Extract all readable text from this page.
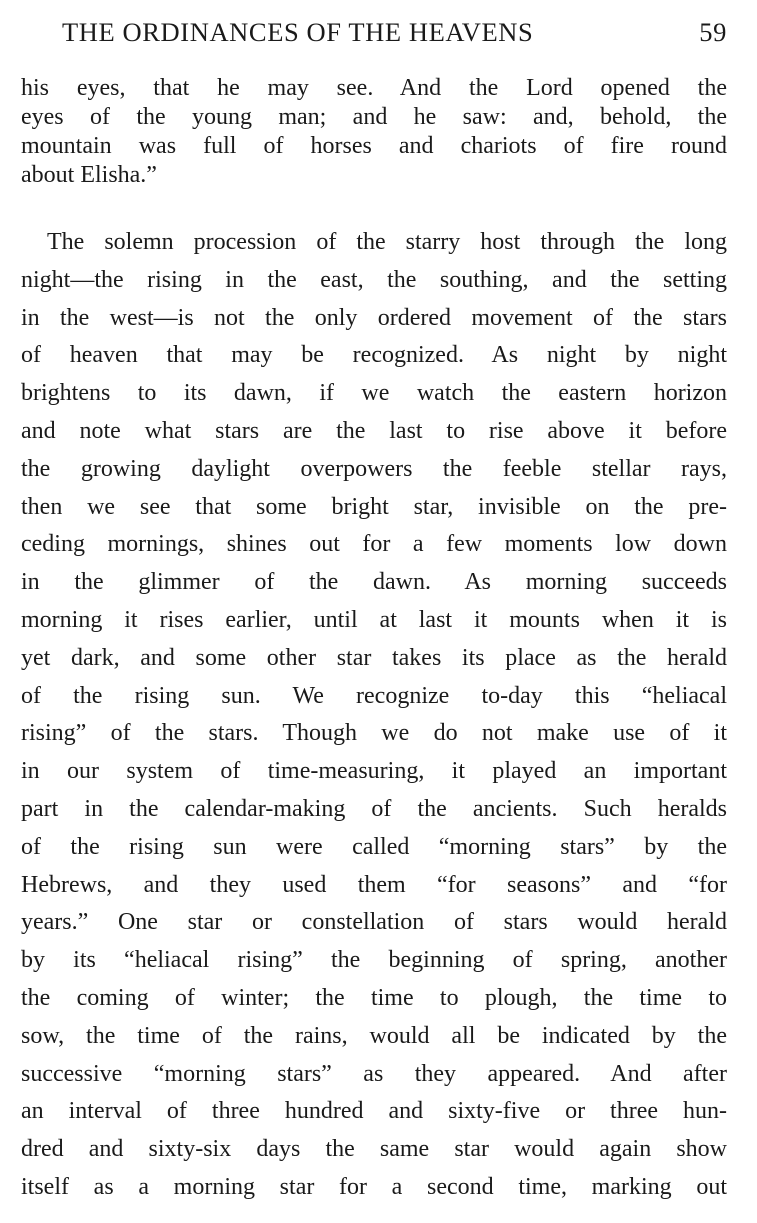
THE ORDINANCES OF THE HEAVENS	59
his eyes, that he may see. And the Lord opened the
eyes of the young man; and he saw: and, behold, the
mountain was full of horses and chariots of fire round
about Elisha.”
The solemn procession of the starry host through the long
night—the rising in the east, the southing, and the setting
in the west—is not the only ordered movement of the stars
of heaven that may be recognized. As night by night
brightens to its dawn, if we watch the eastern horizon
and note what stars are the last to rise above it before
the growing daylight overpowers the feeble stellar rays,
then we see that some bright star, invisible on the pre-
ceding mornings, shines out for a few moments low down
in the glimmer of the dawn. As morning succeeds
morning it rises earlier, until at last it mounts when it is
yet dark, and some other star takes its place as the herald
of the rising sun. We recognize to-day this “heliacal
rising” of the stars. Though we do not make use of it
in our system of time-measuring, it played an important
part in the calendar-making of the ancients. Such heralds
of the rising sun were called “morning stars” by the
Hebrews, and they used them “for seasons” and “for
years.” One star or constellation of stars would herald
by its “heliacal rising” the beginning of spring, another
the coming of winter; the time to plough, the time to
sow, the time of the rains, would all be indicated by the
successive “morning stars” as they appeared. And after
an interval of three hundred and sixty-five or three hun-
dred and sixty-six days the same star would again show
itself as a morning star for a second time, marking out
